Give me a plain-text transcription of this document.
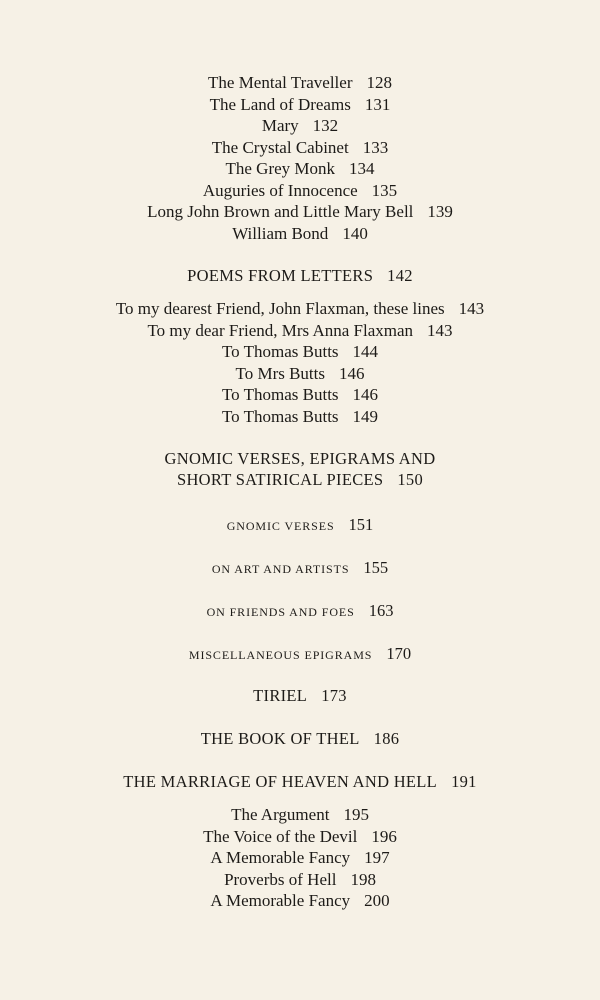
The Mental Traveller 128
The Land of Dreams 131
Mary 132
The Crystal Cabinet 133
The Grey Monk 134
Auguries of Innocence 135
Long John Brown and Little Mary Bell 139
William Bond 140
POEMS FROM LETTERS 142
To my dearest Friend, John Flaxman, these lines 143
To my dear Friend, Mrs Anna Flaxman 143
To Thomas Butts 144
To Mrs Butts 146
To Thomas Butts 146
To Thomas Butts 149
GNOMIC VERSES, EPIGRAMS AND
SHORT SATIRICAL PIECES 150
GNOMIC VERSES 151
ON ART AND ARTISTS 155
ON FRIENDS AND FOES 163
MISCELLANEOUS EPIGRAMS 170
TIRIEL 173
THE BOOK OF THEL 186
THE MARRIAGE OF HEAVEN AND HELL 191
The Argument 195
The Voice of the Devil 196
A Memorable Fancy 197
Proverbs of Hell 198
A Memorable Fancy 200
